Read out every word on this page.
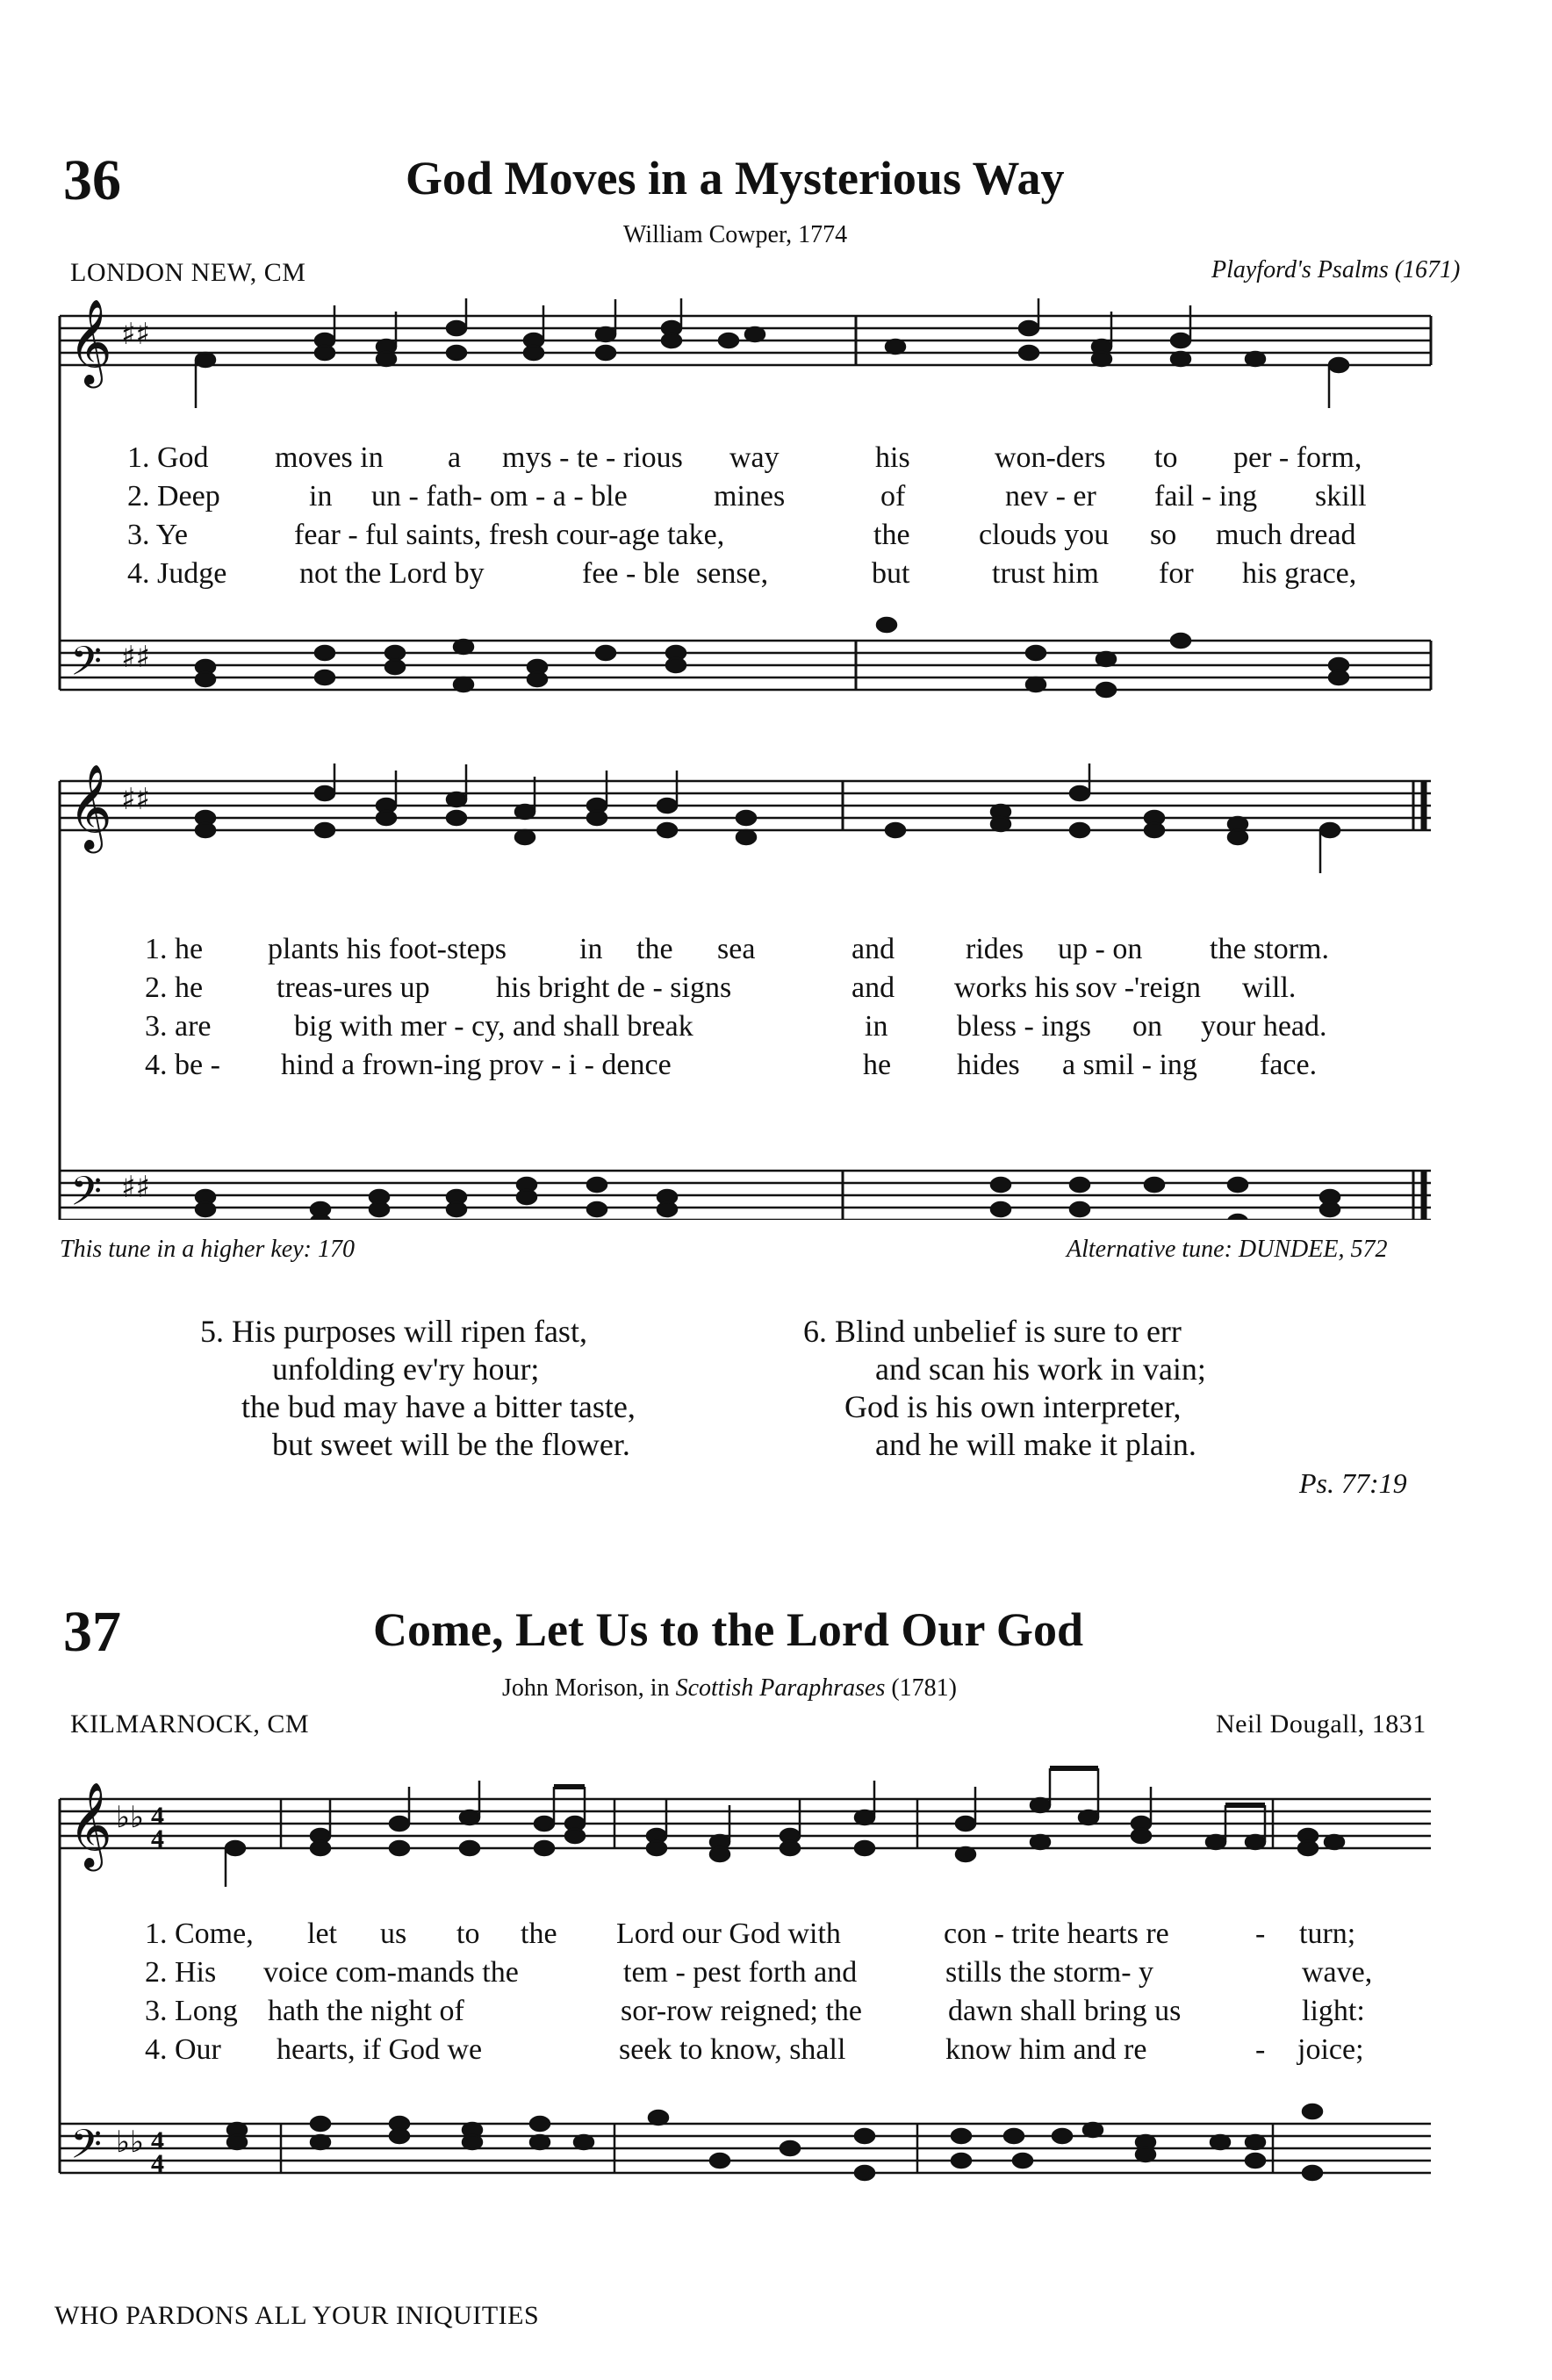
36	God Moves in a Mysterious Way
William Cowper, 1774
LONDON NEW, CM	Playford's Psalms (1671)
𝄞 ♯♯
𝄢 ♯♯
1. God moves in a mys - te - rious way	his	won-ders to per - form,
2. Deep	in un - fath- om - a - ble	mines	of	nev - er fail - ing skill
3. Ye	fear - ful saints, fresh cour-age take,	the clouds you so much dread
4. Judge not the Lord by	fee - ble sense,	but	trust him for his grace,
𝄞 ♯♯
𝄢 ♯♯
1. he plants his foot-steps in the sea	and rides up - on the storm.
2. he treas-ures up his bright de - signs	and works his sov -'reign will.
3. are	big with mer - cy, and shall break	in bless - ings on your head.
4. be - hind a frown-ing prov - i - dence	he hides a smil - ing face.
This tune in a higher key: 170	Alternative tune: DUNDEE, 572
5. His purposes will ripen fast,
unfolding ev'ry hour;
the bud may have a bitter taste,
but sweet will be the flower.
6. Blind unbelief is sure to err
and scan his work in vain;
God is his own interpreter,
and he will make it plain.
Ps. 77:19
37	Come, Let Us to the Lord Our God
John Morison, in Scottish Paraphrases (1781)
KILMARNOCK, CM	Neil Dougall, 1831
𝄞 ♭♭ 4
4
𝄢 ♭♭ 4
4
1. Come, let us to the Lord our God with	con - trite hearts re	- turn;
2. His voice com-mands the	tem - pest forth and	stills the storm- y	wave,
3. Long hath the night of	sor-row reigned; the	dawn shall bring us	light:
4. Our hearts, if God we	seek to know, shall	know him and re	- joice;
WHO PARDONS ALL YOUR INIQUITIES
